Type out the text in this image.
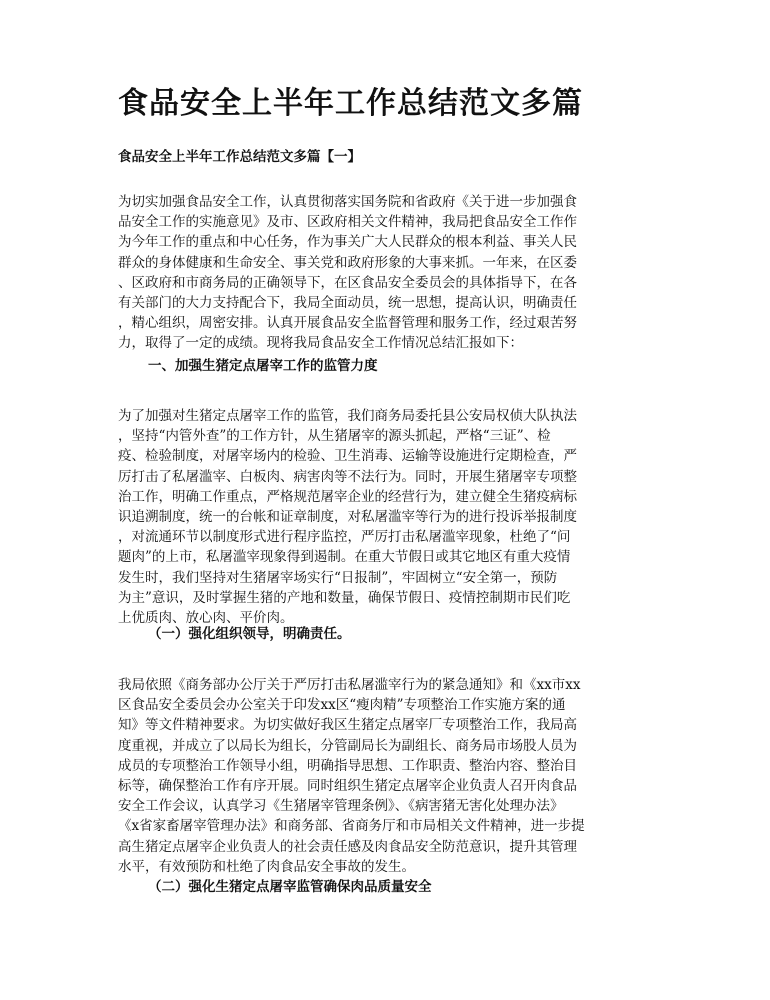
食品安全上半年工作总结范文多篇
食品安全上半年工作总结范文多篇【一】
为切实加强食品安全工作，认真贯彻落实国务院和省政府《关于进一步加强食
品安全工作的实施意见》及市、区政府相关文件精神，我局把食品安全工作作
为今年工作的重点和中心任务，作为事关广大人民群众的根本利益、事关人民
群众的身体健康和生命安全、事关党和政府形象的大事来抓。一年来，在区委
、区政府和市商务局的正确领导下，在区食品安全委员会的具体指导下，在各
有关部门的大力支持配合下，我局全面动员，统一思想，提高认识，明确责任
，精心组织，周密安排。认真开展食品安全监督管理和服务工作，经过艰苦努
力，取得了一定的成绩。现将我局食品安全工作情况总结汇报如下：
一、加强生猪定点屠宰工作的监管力度
为了加强对生猪定点屠宰工作的监管，我们商务局委托县公安局权侦大队执法
，坚持“内管外查”的工作方针，从生猪屠宰的源头抓起，严格“三证”、检
疫、检验制度，对屠宰场内的检验、卫生消毒、运输等设施进行定期检查，严
厉打击了私屠滥宰、白板肉、病害肉等不法行为。同时，开展生猪屠宰专项整
治工作，明确工作重点，严格规范屠宰企业的经营行为，建立健全生猪疫病标
识追溯制度，统一的台帐和证章制度，对私屠滥宰等行为的进行投诉举报制度
，对流通环节以制度形式进行程序监控，严厉打击私屠滥宰现象，杜绝了“问
题肉”的上市，私屠滥宰现象得到遏制。在重大节假日或其它地区有重大疫情
发生时，我们坚持对生猪屠宰场实行“日报制”，牢固树立“安全第一，预防
为主”意识，及时掌握生猪的产地和数量，确保节假日、疫情控制期市民们吃
上优质肉、放心肉、平价肉。
（一）强化组织领导，明确责任。
我局依照《商务部办公厅关于严厉打击私屠滥宰行为的紧急通知》和《xx市xx
区食品安全委员会办公室关于印发xx区“瘦肉精”专项整治工作实施方案的通
知》等文件精神要求。为切实做好我区生猪定点屠宰厂专项整治工作，我局高
度重视，并成立了以局长为组长，分管副局长为副组长、商务局市场股人员为
成员的专项整治工作领导小组，明确指导思想、工作职责、整治内容、整治目
标等，确保整治工作有序开展。同时组织生猪定点屠宰企业负责人召开肉食品
安全工作会议，认真学习《生猪屠宰管理条例》、《病害猪无害化处理办法》
《x省家畜屠宰管理办法》和商务部、省商务厅和市局相关文件精神，进一步提
高生猪定点屠宰企业负责人的社会责任感及肉食品安全防范意识，提升其管理
水平，有效预防和杜绝了肉食品安全事故的发生。
（二）强化生猪定点屠宰监管确保肉品质量安全
